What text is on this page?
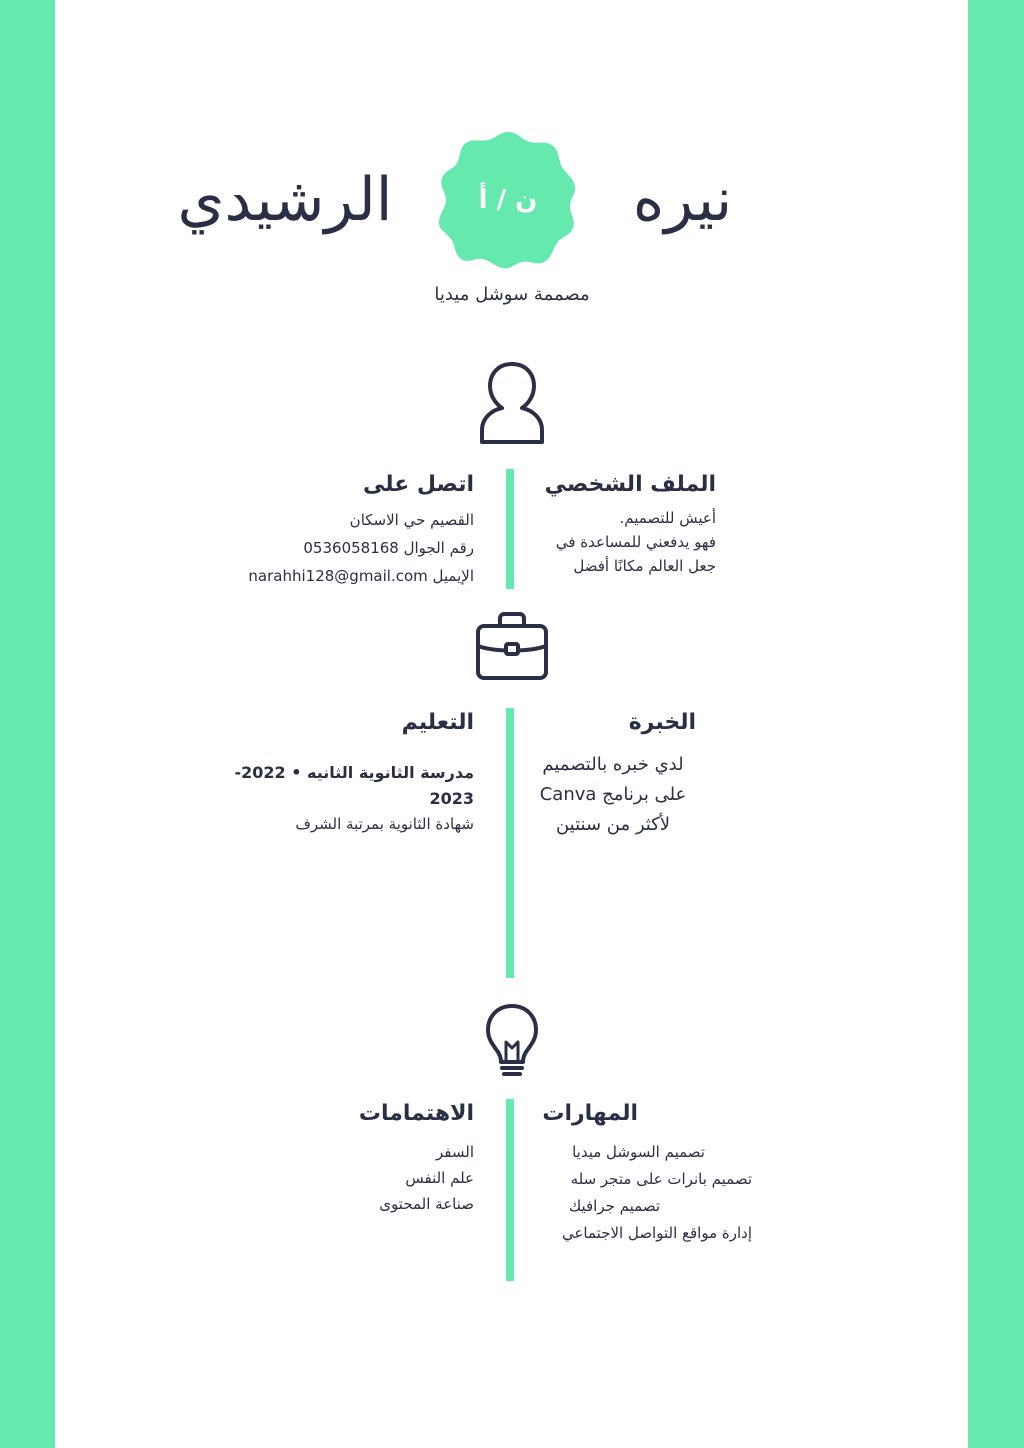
نيره
ن / أ
الرشيدي
مصممة سوشل ميديا
الملف الشخصي
أعيش للتصميم.
فهو يدفعني للمساعدة في
جعل العالم مكانًا أفضل
اتصل على
القصيم حي الاسكان
رقم الجوال 0536058168
الإيميل narahhi128@gmail.com
الخبرة
لدي خبره بالتصميم
على برنامج Canva
لأكثر من سنتين
التعليم
مدرسة الثانوية الثانيه • 2022- 2023
شهادة الثانوية بمرتبة الشرف
المهارات
تصميم السوشل ميديا
تصميم بانرات على متجر سله
تصميم جرافيك
إدارة مواقع التواصل الاجتماعي
الاهتمامات
السفر
علم النفس
صناعة المحتوى
